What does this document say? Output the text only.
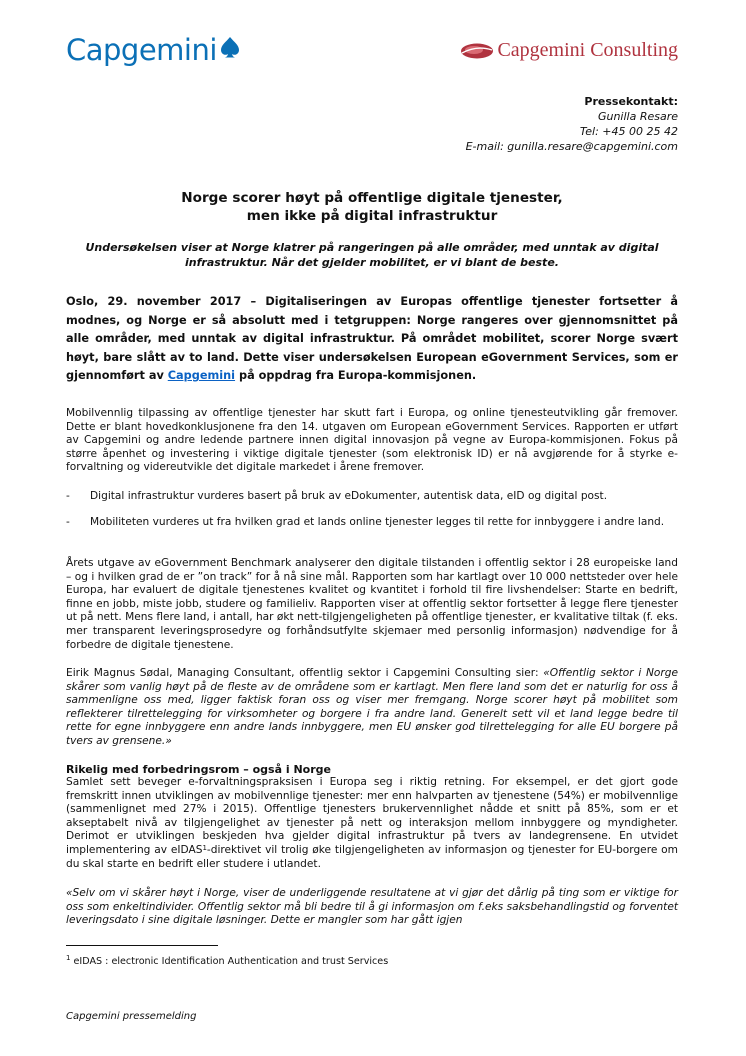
Capgemini	Capgemini Consulting
Pressekontakt:
Gunilla Resare
Tel: +45 00 25 42
E-mail: gunilla.resare@capgemini.com
Norge scorer høyt på offentlige digitale tjenester,
men ikke på digital infrastruktur
Undersøkelsen viser at Norge klatrer på rangeringen på alle områder, med unntak av digital infrastruktur. Når det gjelder mobilitet, er vi blant de beste.
Oslo, 29. november 2017 – Digitaliseringen av Europas offentlige tjenester fortsetter å modnes, og Norge er så absolutt med i tetgruppen: Norge rangeres over gjennomsnittet på alle områder, med unntak av digital infrastruktur. På området mobilitet, scorer Norge svært høyt, bare slått av to land. Dette viser undersøkelsen European eGovernment Services, som er gjennomført av Capgemini på oppdrag fra Europa-kommisjonen.
Mobilvennlig tilpassing av offentlige tjenester har skutt fart i Europa, og online tjenesteutvikling går fremover. Dette er blant hovedkonklusjonene fra den 14. utgaven om European eGovernment Services. Rapporten er utført av Capgemini og andre ledende partnere innen digital innovasjon på vegne av Europa-kommisjonen. Fokus på større åpenhet og investering i viktige digitale tjenester (som elektronisk ID) er nå avgjørende for å styrke e-forvaltning og videreutvikle det digitale markedet i årene fremover.
-	Digital infrastruktur vurderes basert på bruk av eDokumenter, autentisk data, eID og digital post.
-	Mobiliteten vurderes ut fra hvilken grad et lands online tjenester legges til rette for innbyggere i andre land.
Årets utgave av eGovernment Benchmark analyserer den digitale tilstanden i offentlig sektor i 28 europeiske land – og i hvilken grad de er ”on track” for å nå sine mål. Rapporten som har kartlagt over 10 000 nettsteder over hele Europa, har evaluert de digitale tjenestenes kvalitet og kvantitet i forhold til fire livshendelser: Starte en bedrift, finne en jobb, miste jobb, studere og familieliv. Rapporten viser at offentlig sektor fortsetter å legge flere tjenester ut på nett. Mens flere land, i antall, har økt nett-tilgjengeligheten på offentlige tjenester, er kvalitative tiltak (f. eks. mer transparent leveringsprosedyre og forhåndsutfylte skjemaer med personlig informasjon) nødvendige for å forbedre de digitale tjenestene.
Eirik Magnus Sødal, Managing Consultant, offentlig sektor i Capgemini Consulting sier: «Offentlig sektor i Norge skårer som vanlig høyt på de fleste av de områdene som er kartlagt. Men flere land som det er naturlig for oss å sammenligne oss med, ligger faktisk foran oss og viser mer fremgang. Norge scorer høyt på mobilitet som reflekterer tilrettelegging for virksomheter og borgere i fra andre land. Generelt sett vil et land legge bedre til rette for egne innbyggere enn andre lands innbyggere, men EU ønsker god tilrettelegging for alle EU borgere på tvers av grensene.»
Rikelig med forbedringsrom – også i Norge
Samlet sett beveger e-forvaltningspraksisen i Europa seg i riktig retning. For eksempel, er det gjort gode fremskritt innen utviklingen av mobilvennlige tjenester: mer enn halvparten av tjenestene (54%) er mobilvennlige (sammenlignet med 27% i 2015). Offentlige tjenesters brukervennlighet nådde et snitt på 85%, som er et akseptabelt nivå av tilgjengelighet av tjenester på nett og interaksjon mellom innbyggere og myndigheter. Derimot er utviklingen beskjeden hva gjelder digital infrastruktur på tvers av landegrensene. En utvidet implementering av eIDAS$^1$-direktivet vil trolig øke tilgjengeligheten av informasjon og tjenester for EU-borgere om du skal starte en bedrift eller studere i utlandet.
«Selv om vi skårer høyt i Norge, viser de underliggende resultatene at vi gjør det dårlig på ting som er viktige for oss som enkeltindivider. Offentlig sektor må bli bedre til å gi informasjon om f.eks saksbehandlingstid og forventet leveringsdato i sine digitale løsninger. Dette er mangler som har gått igjen
$^1$ eIDAS : electronic Identification Authentication and trust Services
Capgemini pressemelding
